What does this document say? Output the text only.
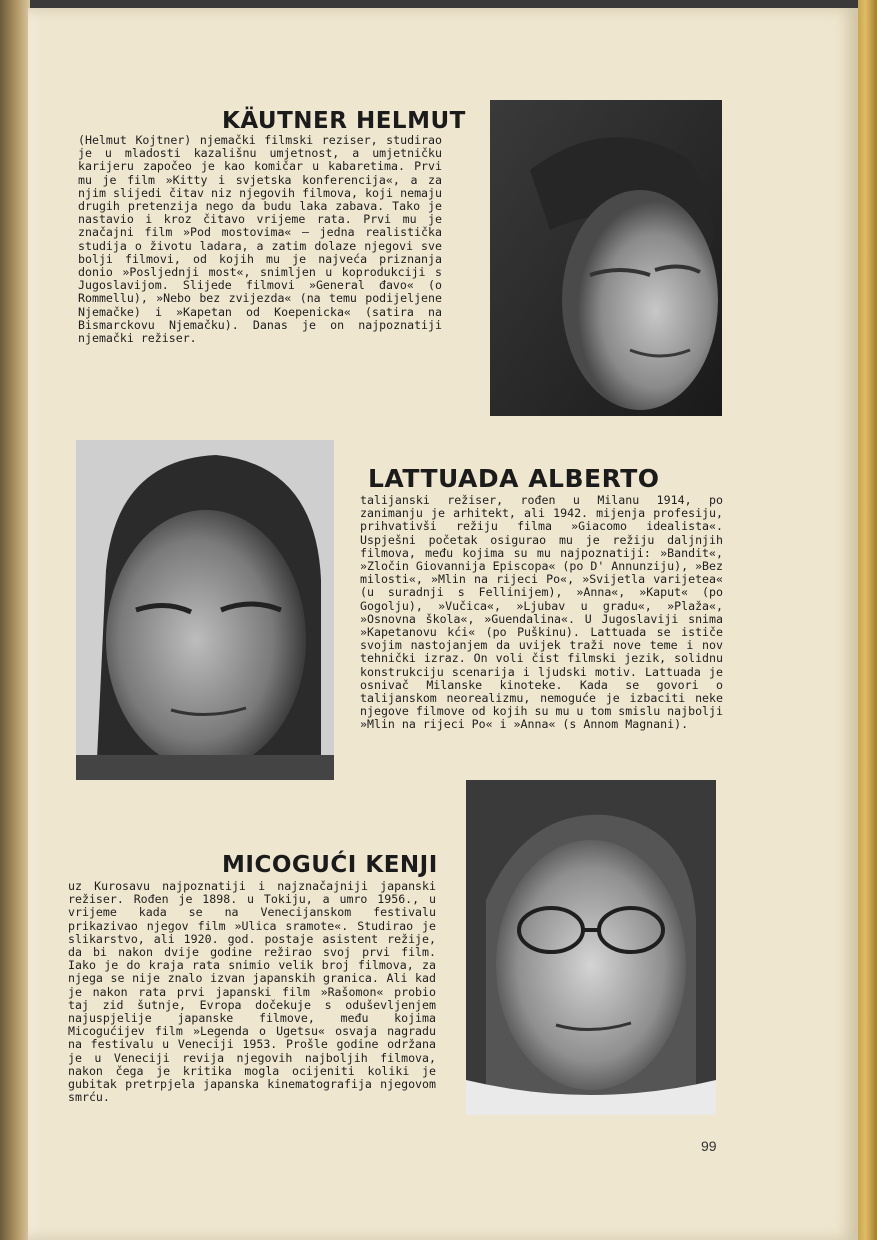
KÄUTNER HELMUT

(Helmut Kojtner) njemački filmski reziser, studirao je u mladosti kazališnu umjetnost, a umjetničku karijeru započeo je kao komičar u kabaretima. Prvi mu je film »Kitty i svjetska konferencija«, a za njim slijedi čitav niz njegovih filmova, koji nemaju drugih pretenzija nego da budu laka zabava. Tako je nastavio i kroz čitavo vrijeme rata. Prvi mu je značajni film »Pod mostovima« — jedna realistička studija o životu ladara, a zatim dolaze njegovi sve bolji filmovi, od kojih mu je najveća priznanja donio »Posljednji most«, snimljen u koprodukciji s Jugoslavijom. Slijede filmovi »General đavo« (o Rommellu), »Nebo bez zvijezda« (na temu podijeljene Njemačke) i »Kapetan od Koepenicka« (satira na Bismarckovu Njemačku). Danas je on najpoznatiji njemački režiser.

LATTUADA ALBERTO

talijanski režiser, rođen u Milanu 1914, po zanimanju je arhitekt, ali 1942. mijenja profesiju, prihvativši režiju filma »Giacomo idealista«. Uspješni početak osigurao mu je režiju daljnjih filmova, među kojima su mu najpoznatiji: »Bandit«, »Zločin Giovannija Episcopa« (po D' Annunziju), »Bez milosti«, »Mlin na rijeci Po«, »Svijetla varijetea« (u suradnji s Fellinijem), »Anna«, »Kaput« (po Gogolju), »Vučica«, »Ljubav u gradu«, »Plaža«, »Osnovna škola«, »Guendalina«. U Jugoslaviji snima »Kapetanovu kći« (po Puškinu). Lattuada se ističe svojim nastojanjem da uvijek traži nove teme i nov tehnički izraz. On voli čist filmski jezik, solidnu konstrukciju scenarija i ljudski motiv. Lattuada je osnivač Milanske kinoteke. Kada se govori o talijanskom neorealizmu, nemoguće je izbaciti neke njegove filmove od kojih su mu u tom smislu najbolji »Mlin na rijeci Po« i »Anna« (s Annom Magnani).

MICOGUĆI KENJI

uz Kurosavu najpoznatiji i najznačajniji japanski režiser. Rođen je 1898. u Tokiju, a umro 1956., u vrijeme kada se na Venecijanskom festivalu prikazivao njegov film »Ulica sramote«. Studirao je slikarstvo, ali 1920. god. postaje asistent režije, da bi nakon dvije godine režirao svoj prvi film. Iako je do kraja rata snimio velik broj filmova, za njega se nije znalo izvan japanskih granica. Ali kad je nakon rata prvi japanski film »Rašomon« probio taj zid šutnje, Evropa dočekuje s oduševljenjem najuspjelije japanske filmove, među kojima Micogućijev film »Legenda o Ugetsu« osvaja nagradu na festivalu u Veneciji 1953. Prošle godine održana je u Veneciji revija njegovih najboljih filmova, nakon čega je kritika mogla ocijeniti koliki je gubitak pretrpjela japanska kinematografija njegovom smrću.

99
